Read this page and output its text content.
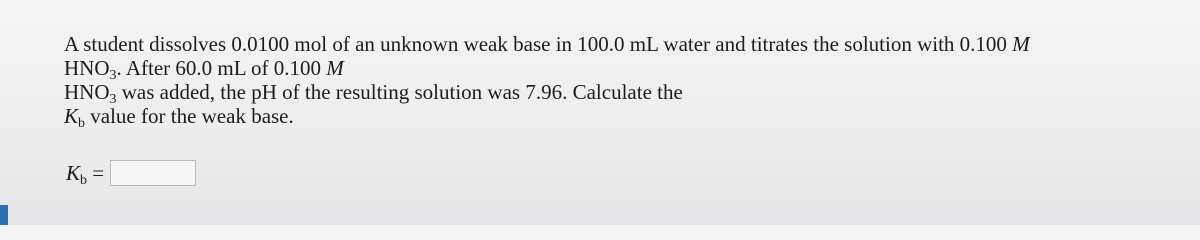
A student dissolves 0.0100 mol of an unknown weak base in 100.0 mL water and titrates the solution with 0.100 M
$HNO_3$. After 60.0 mL of 0.100 M
$HNO_3$ was added, the pH of the resulting solution was 7.96. Calculate the
$K_b$ value for the weak base.
$K_b$ =
